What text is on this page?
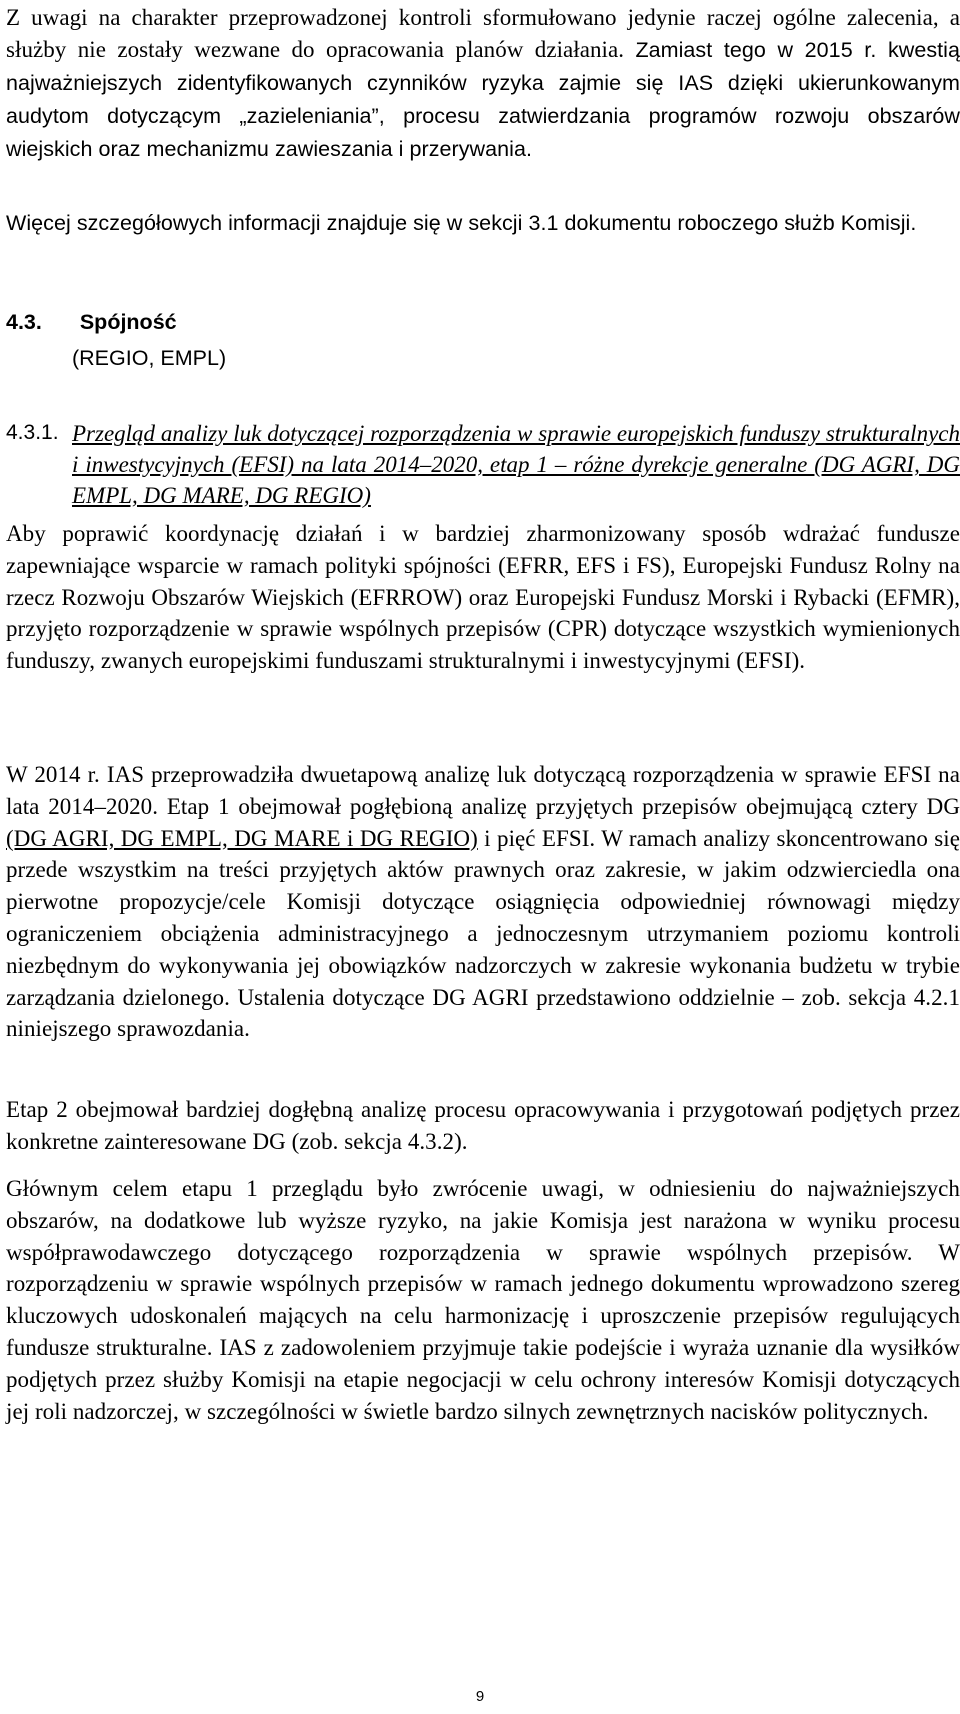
Z uwagi na charakter przeprowadzonej kontroli sformułowano jedynie raczej ogólne zalecenia, a służby nie zostały wezwane do opracowania planów działania. Zamiast tego w 2015 r. kwestią najważniejszych zidentyfikowanych czynników ryzyka zajmie się IAS dzięki ukierunkowanym audytom dotyczącym „zazieleniania”, procesu zatwierdzania programów rozwoju obszarów wiejskich oraz mechanizmu zawieszania i przerywania.

Więcej szczegółowych informacji znajduje się w sekcji 3.1 dokumentu roboczego służb Komisji.

4.3. Spójność
(REGIO, EMPL)
4.3.1. Przegląd analizy luk dotyczącej rozporządzenia w sprawie europejskich funduszy strukturalnych i inwestycyjnych (EFSI) na lata 2014–2020, etap 1 – różne dyrekcje generalne (DG AGRI, DG EMPL, DG MARE, DG REGIO)

Aby poprawić koordynację działań i w bardziej zharmonizowany sposób wdrażać fundusze zapewniające wsparcie w ramach polityki spójności (EFRR, EFS i FS), Europejski Fundusz Rolny na rzecz Rozwoju Obszarów Wiejskich (EFRROW) oraz Europejski Fundusz Morski i Rybacki (EFMR), przyjęto rozporządzenie w sprawie wspólnych przepisów (CPR) dotyczące wszystkich wymienionych funduszy, zwanych europejskimi funduszami strukturalnymi i inwestycyjnymi (EFSI).

W 2014 r. IAS przeprowadziła dwuetapową analizę luk dotyczącą rozporządzenia w sprawie EFSI na lata 2014–2020. Etap 1 obejmował pogłębioną analizę przyjętych przepisów obejmującą cztery DG (DG AGRI, DG EMPL, DG MARE i DG REGIO) i pięć EFSI. W ramach analizy skoncentrowano się przede wszystkim na treści przyjętych aktów prawnych oraz zakresie, w jakim odzwierciedla ona pierwotne propozycje/cele Komisji dotyczące osiągnięcia odpowiedniej równowagi między ograniczeniem obciążenia administracyjnego a jednoczesnym utrzymaniem poziomu kontroli niezbędnym do wykonywania jej obowiązków nadzorczych w zakresie wykonania budżetu w trybie zarządzania dzielonego. Ustalenia dotyczące DG AGRI przedstawiono oddzielnie – zob. sekcja 4.2.1 niniejszego sprawozdania.

Etap 2 obejmował bardziej dogłębną analizę procesu opracowywania i przygotowań podjętych przez konkretne zainteresowane DG (zob. sekcja 4.3.2).

Głównym celem etapu 1 przeglądu było zwrócenie uwagi, w odniesieniu do najważniejszych obszarów, na dodatkowe lub wyższe ryzyko, na jakie Komisja jest narażona w wyniku procesu współprawodawczego dotyczącego rozporządzenia w sprawie wspólnych przepisów. W rozporządzeniu w sprawie wspólnych przepisów w ramach jednego dokumentu wprowadzono szereg kluczowych udoskonaleń mających na celu harmonizację i uproszczenie przepisów regulujących fundusze strukturalne. IAS z zadowoleniem przyjmuje takie podejście i wyraża uznanie dla wysiłków podjętych przez służby Komisji na etapie negocjacji w celu ochrony interesów Komisji dotyczących jej roli nadzorczej, w szczególności w świetle bardzo silnych zewnętrznych nacisków politycznych.

9
